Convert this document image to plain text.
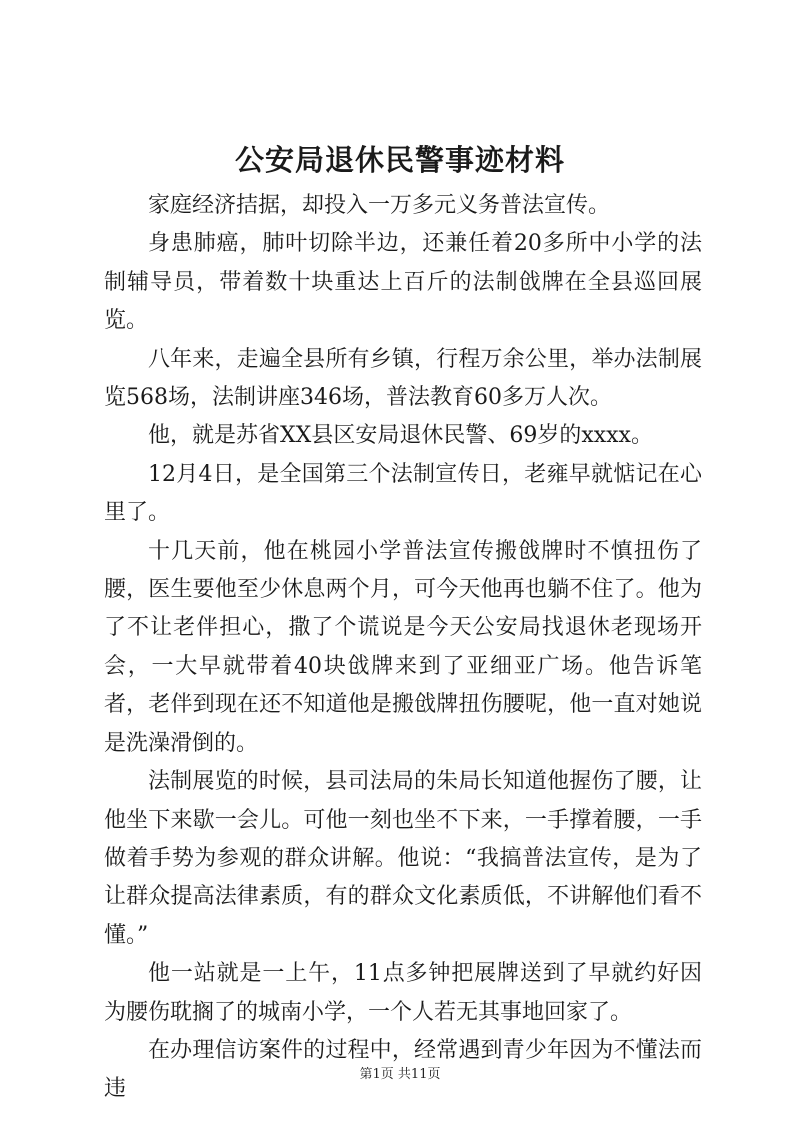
公安局退休民警事迹材料

家庭经济拮据，却投入一万多元义务普法宣传。

身患肺癌，肺叶切除半边，还兼任着20多所中小学的法制辅导员，带着数十块重达上百斤的法制戗牌在全县巡回展览。

八年来，走遍全县所有乡镇，行程万余公里，举办法制展览568场，法制讲座346场，普法教育60多万人次。

他，就是苏省XX县区安局退休民警、69岁的xxxx。

12月4日，是全国第三个法制宣传日，老雍早就惦记在心里了。

十几天前，他在桃园小学普法宣传搬戗牌时不慎扭伤了腰，医生要他至少休息两个月，可今天他再也躺不住了。他为了不让老伴担心，撒了个谎说是今天公安局找退休老现场开会，一大早就带着40块戗牌来到了亚细亚广场。他告诉笔者，老伴到现在还不知道他是搬戗牌扭伤腰呢，他一直对她说是洗澡滑倒的。

法制展览的时候，县司法局的朱局长知道他握伤了腰，让他坐下来歇一会儿。可他一刻也坐不下来，一手撑着腰，一手做着手势为参观的群众讲解。他说：“我搞普法宣传，是为了让群众提高法律素质，有的群众文化素质低，不讲解他们看不懂。”

他一站就是一上午，11点多钟把展牌送到了早就约好因为腰伤耽搁了的城南小学，一个人若无其事地回家了。

在办理信访案件的过程中，经常遇到青少年因为不懂法而违

第1页 共11页
